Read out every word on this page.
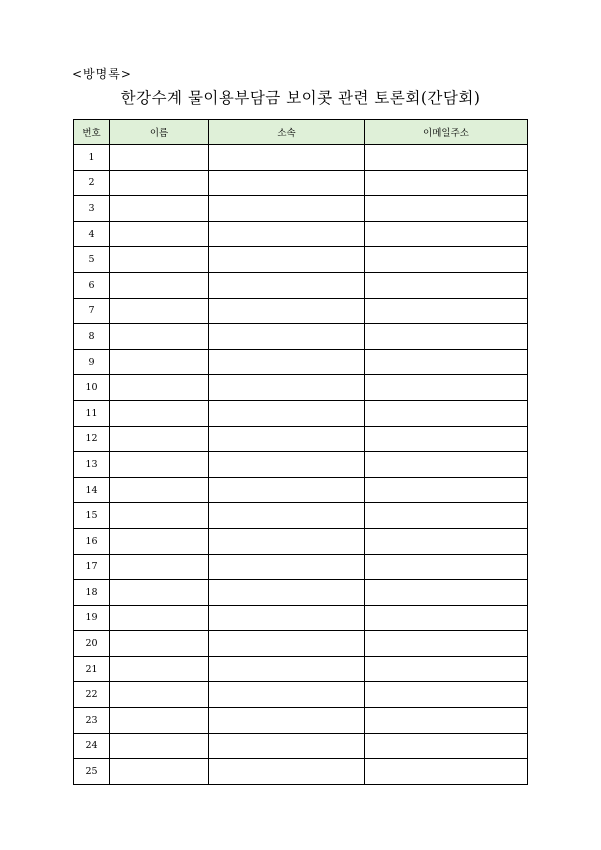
<방명록>
한강수계 물이용부담금 보이콧 관련 토론회(간담회)
번호	이름	소속	이메일주소
1			
2			
3			
4			
5			
6			
7			
8			
9			
10			
11			
12			
13			
14			
15			
16			
17			
18			
19			
20			
21			
22			
23			
24			
25			
